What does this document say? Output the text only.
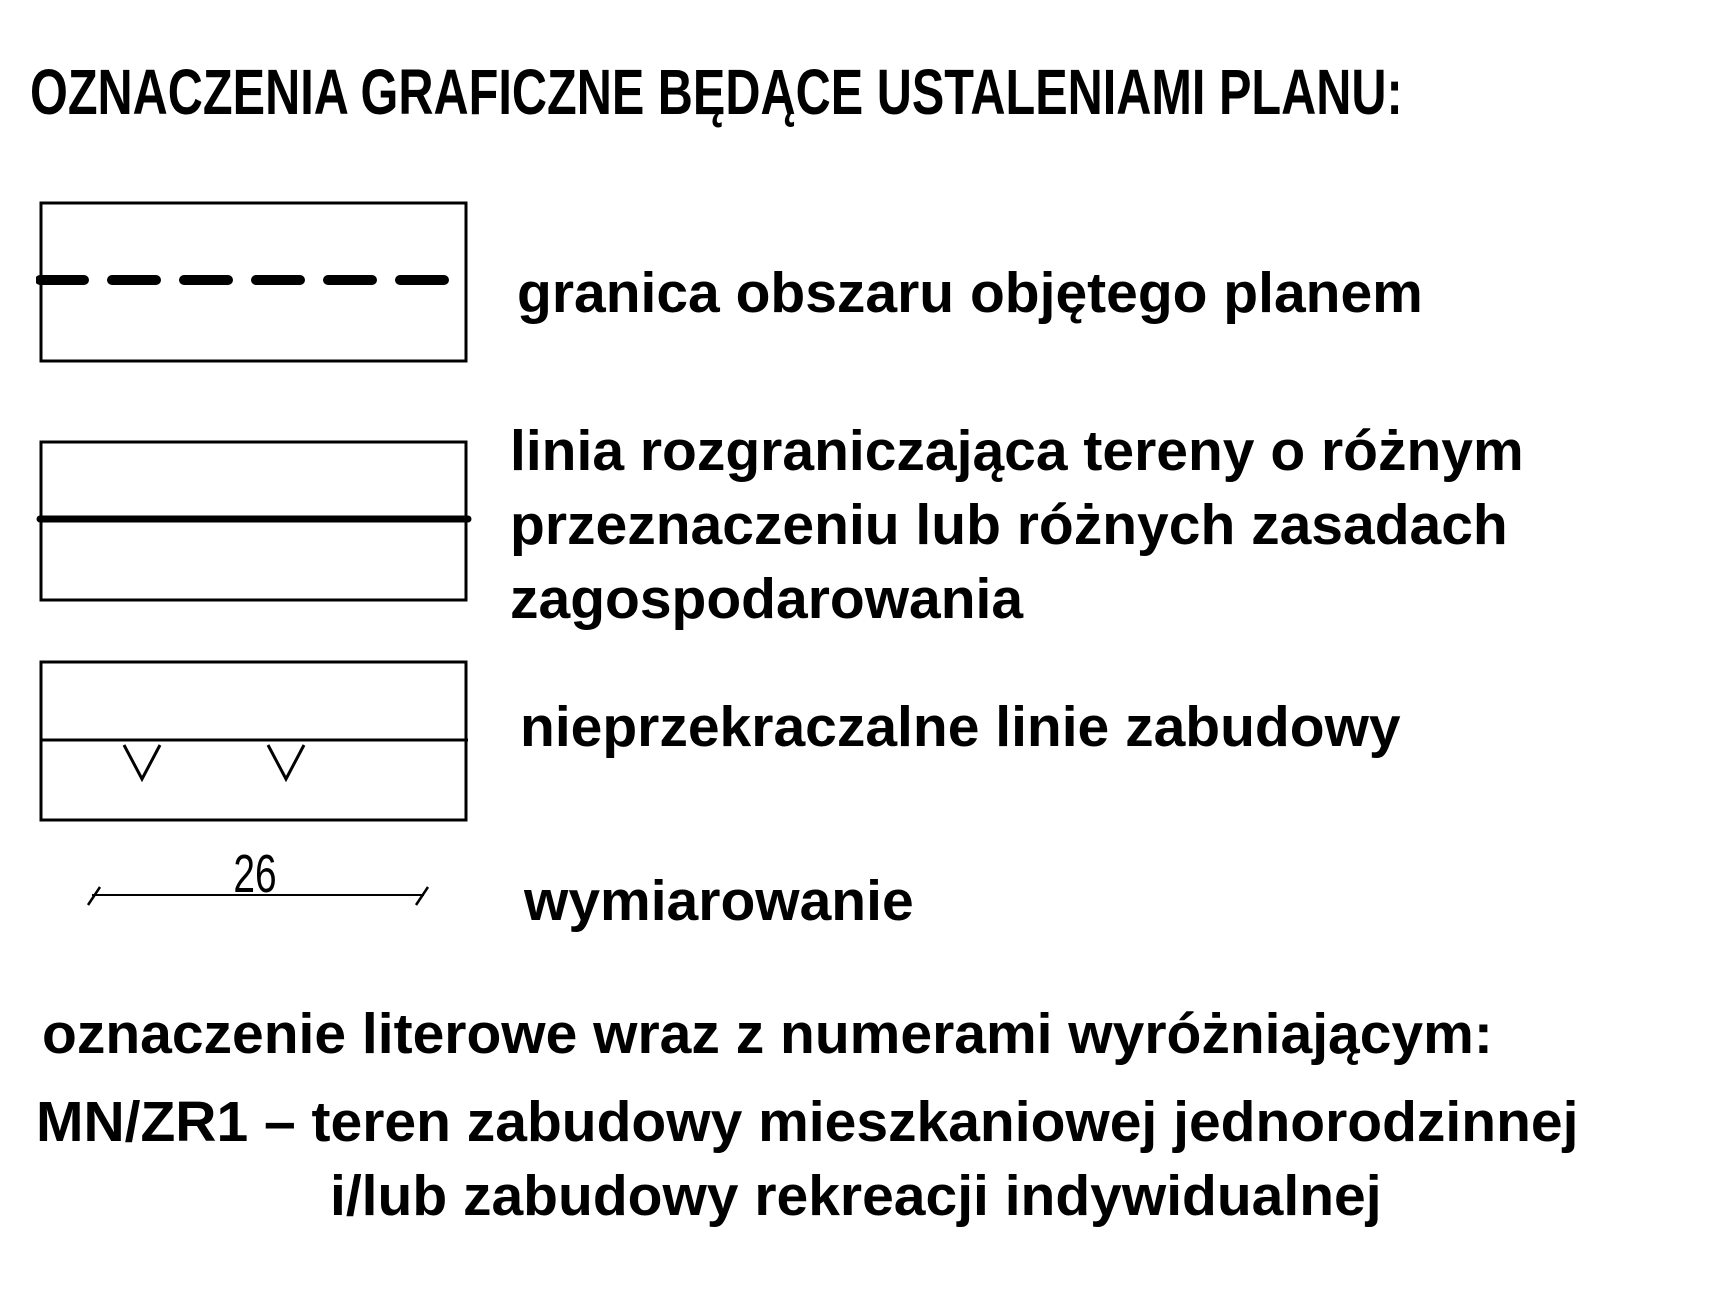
OZNACZENIA GRAFICZNE BĘDĄCE USTALENIAMI PLANU:
granica obszaru objętego planem
linia rozgraniczająca tereny o różnym
przeznaczeniu lub różnych zasadach
zagospodarowania
nieprzekraczalne linie zabudowy
26	wymiarowanie
oznaczenie literowe wraz z numerami wyróżniającym:
MN/ZR1 – teren zabudowy mieszkaniowej jednorodzinnej
i/lub zabudowy rekreacji indywidualnej
